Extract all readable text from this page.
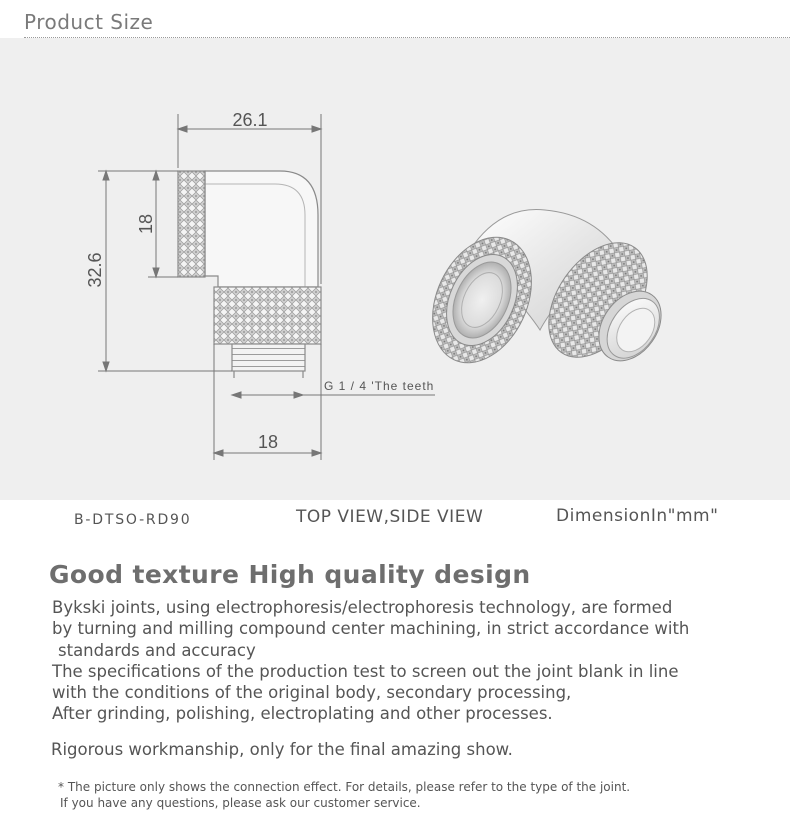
Product Size
26.1
18
32.6
G 1 / 4 'The teeth
18
B-DTSO-RD90	TOP VIEW,SIDE VIEW	DimensionIn"mm"
Good texture High quality design

Bykski joints, using electrophoresis/electrophoresis technology, are formed

by turning and milling compound center machining, in strict accordance with

standards and accuracy

The specifications of the production test to screen out the joint blank in line

with the conditions of the original body, secondary processing,

After grinding, polishing, electroplating and other processes.

Rigorous workmanship, only for the final amazing show.

* The picture only shows the connection effect. For details, please refer to the type of the joint.

If you have any questions, please ask our customer service.
